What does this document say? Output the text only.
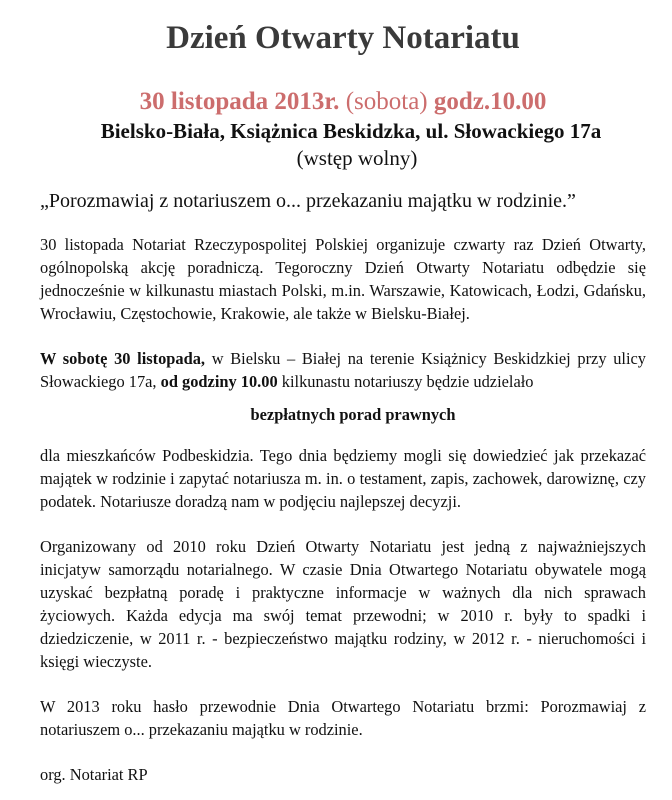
Dzień Otwarty Notariatu
30 listopada 2013r. (sobota) godz.10.00
Bielsko-Biała, Książnica Beskidzka, ul. Słowackiego 17a
(wstęp wolny)
„Porozmawiaj z notariuszem o... przekazaniu majątku w rodzinie.”

30 listopada Notariat Rzeczypospolitej Polskiej organizuje czwarty raz Dzień Otwarty, ogólnopolską akcję poradniczą. Tegoroczny Dzień Otwarty Notariatu odbędzie się jednocześnie w kilkunastu miastach Polski, m.in. Warszawie, Katowicach, Łodzi, Gdańsku, Wrocławiu, Częstochowie, Krakowie, ale także w Bielsku-Białej.

W sobotę 30 listopada, w Bielsku – Białej na terenie Książnicy Beskidzkiej przy ulicy Słowackiego 17a, od godziny 10.00 kilkunastu notariuszy będzie udzielało

bezpłatnych porad prawnych

dla mieszkańców Podbeskidzia. Tego dnia będziemy mogli się dowiedzieć jak przekazać majątek w rodzinie i zapytać notariusza m. in. o testament, zapis, zachowek, darowiznę, czy podatek. Notariusze doradzą nam w podjęciu najlepszej decyzji.

Organizowany od 2010 roku Dzień Otwarty Notariatu jest jedną z najważniejszych inicjatyw samorządu notarialnego. W czasie Dnia Otwartego Notariatu obywatele mogą uzyskać bezpłatną poradę i praktyczne informacje w ważnych dla nich sprawach życiowych. Każda edycja ma swój temat przewodni; w 2010 r. były to spadki i dziedziczenie, w 2011 r. - bezpieczeństwo majątku rodziny, w 2012 r. - nieruchomości i księgi wieczyste.

W 2013 roku hasło przewodnie Dnia Otwartego Notariatu brzmi: Porozmawiaj z notariuszem o... przekazaniu majątku w rodzinie.

org. Notariat RP
